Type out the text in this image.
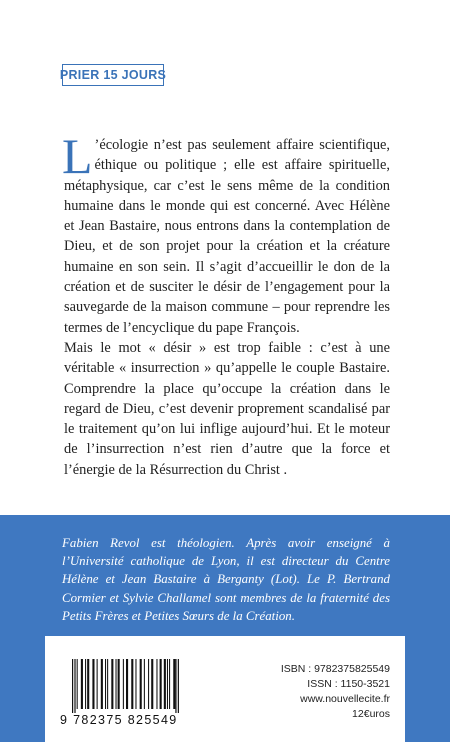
PRIER 15 JOURS

L ’écologie n’est pas seulement affaire scientifique, éthique ou politique ; elle est affaire spirituelle, métaphysique, car c’est le sens même de la condition humaine dans le monde qui est concerné. Avec Hélène et Jean Bastaire, nous entrons dans la contemplation de Dieu, et de son projet pour la création et la créature humaine en son sein. Il s’agit d’accueillir le don de la création et de susciter le désir de l’engagement pour la sauvegarde de la maison commune – pour reprendre les termes de l’encyclique du pape François.

Mais le mot « désir » est trop faible : c’est à une véritable « insurrection » qu’appelle le couple Bastaire. Comprendre la place qu’occupe la création dans le regard de Dieu, c’est devenir proprement scandalisé par le traitement qu’on lui inflige aujourd’hui. Et le moteur de l’insurrection n’est rien d’autre que la force et l’énergie de la Résurrection du Christ .

Fabien Revol est théologien. Après avoir enseigné à l’Université catholique de Lyon, il est directeur du Centre Hélène et Jean Bastaire à Berganty (Lot). Le P. Bertrand Cormier et Sylvie Challamel sont membres de la fraternité des Petits Frères et Petites Sœurs de la Création.
9 782375 825549
ISBN : 9782375825549
ISSN : 1150-3521
www.nouvellecite.fr
12€uros
